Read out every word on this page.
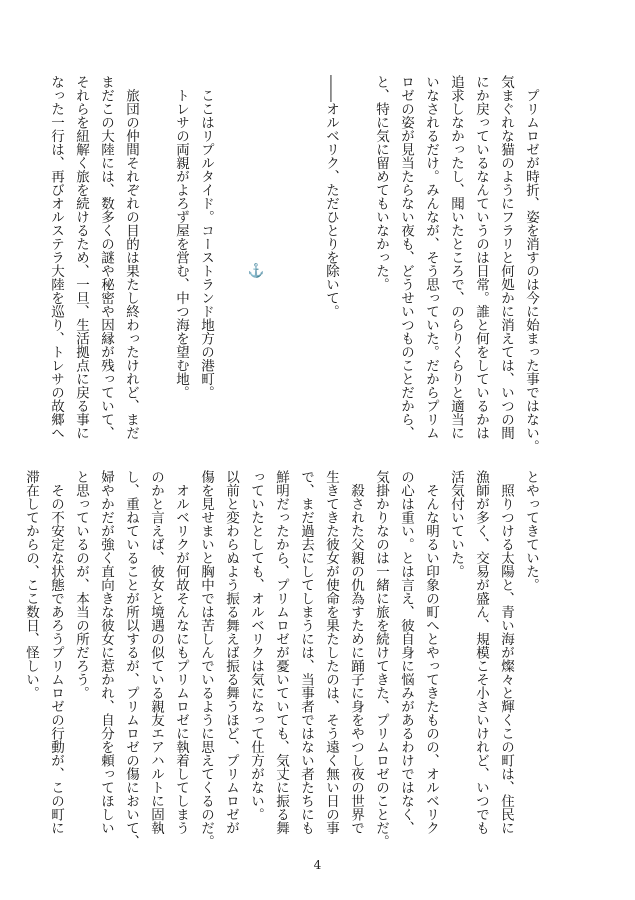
　プリムロゼが時折、姿を消すのは今に始まった事ではない。
気まぐれな猫のようにフラリと何処かに消えては、いつの間
にか戻っているなんていうのは日常。誰と何をしているかは
追求しなかったし、聞いたところで、のらりくらりと適当に
いなされるだけ。みんなが、そう思っていた。だからプリム
ロゼの姿が見当たらない夜も、どうせいつものことだから、
と、特に気に留めてもいなかった。

――オルベリク、ただひとりを除いて。

⚓

　ここはリプルタイド。コーストランド地方の港町。
　トレサの両親がよろず屋を営む、中つ海を望む地。

　旅団の仲間それぞれの目的は果たし終わったけれど、まだ
まだこの大陸には、数多くの謎や秘密や因縁が残っていて、
それらを紐解く旅を続けるため、一旦、生活拠点に戻る事に
なった一行は、再びオルステラ大陸を巡り、トレサの故郷へ
とやってきていた。
　照りつける太陽と、青い海が燦々と輝くこの町は、住民に
漁師が多く、交易が盛ん、規模こそ小さいけれど、いつでも
活気付いていた。
　そんな明るい印象の町へとやってきたものの、オルベリク
の心は重い。とは言え、彼自身に悩みがあるわけではなく、
気掛かりなのは一緒に旅を続けてきた、プリムロゼのことだ。
　殺された父親の仇為すために踊子に身をやつし夜の世界で
生きてきた彼女が使命を果たしたのは、そう遠く無い日の事
で、まだ過去にしてしまうには、当事者ではない者たちにも
鮮明だったから、プリムロゼが憂いていても、気丈に振る舞
っていたとしても、オルベリクは気になって仕方がない。
以前と変わらぬよう振る舞えば振る舞うほど、プリムロゼが
傷を見せまいと胸中では苦しんでいるように思えてくるのだ。
　オルベリクが何故そんなにもプリムロゼに執着してしまう
のかと言えば、彼女と境遇の似ている親友エアハルトに固執
し、重ねていることが所以するが、プリムロゼの傷において、
婦やかだが強く直向きな彼女に惹かれ、自分を頼ってほしい
と思っているのが、本当の所だろう。
　その不安定な状態であろうプリムロゼの行動が、この町に
滞在してからの、ここ数日、怪しい。
4
